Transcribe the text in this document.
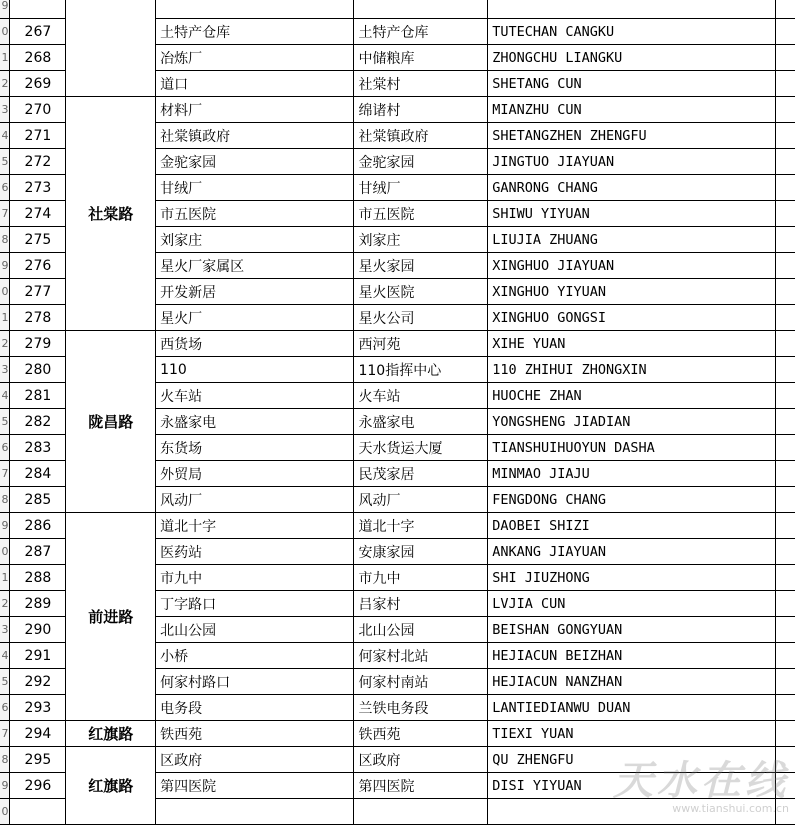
9						
0	267		土特产仓库	土特产仓库	TUTECHAN CANGKU	
1	268		冶炼厂	中储粮库	ZHONGCHU LIANGKU	
2	269		道口	社棠村	SHETANG CUN	
3	270	社棠路	材料厂	绵诸村	MIANZHU CUN	
4	271		社棠镇政府	社棠镇政府	SHETANGZHEN ZHENGFU	
5	272		金驼家园	金驼家园	JINGTUO JIAYUAN	
6	273		甘绒厂	甘绒厂	GANRONG CHANG	
7	274		市五医院	市五医院	SHIWU YIYUAN	
8	275		刘家庄	刘家庄	LIUJIA ZHUANG	
9	276		星火厂家属区	星火家园	XINGHUO JIAYUAN	
0	277		开发新居	星火医院	XINGHUO YIYUAN	
1	278		星火厂	星火公司	XINGHUO GONGSI	
2	279	陇昌路	西货场	西河苑	XIHE YUAN	
3	280		110	110指挥中心	110 ZHIHUI ZHONGXIN	
4	281		火车站	火车站	HUOCHE ZHAN	
5	282		永盛家电	永盛家电	YONGSHENG JIADIAN	
6	283		东货场	天水货运大厦	TIANSHUIHUOYUN DASHA	
7	284		外贸局	民茂家居	MINMAO JIAJU	
8	285		风动厂	风动厂	FENGDONG CHANG	
9	286	前进路	道北十字	道北十字	DAOBEI SHIZI	
0	287		医药站	安康家园	ANKANG JIAYUAN	
1	288		市九中	市九中	SHI JIUZHONG	
2	289		丁字路口	吕家村	LVJIA CUN	
3	290		北山公园	北山公园	BEISHAN GONGYUAN	
4	291		小桥	何家村北站	HEJIACUN BEIZHAN	
5	292		何家村路口	何家村南站	HEJIACUN NANZHAN	
6	293		电务段	兰铁电务段	LANTIEDIANWU DUAN	
7	294	红旗路	铁西苑	铁西苑	TIEXI YUAN	
8	295	红旗路	区政府	区政府	QU ZHENGFU	
9	296		第四医院	第四医院	DISI YIYUAN	
0						
天水在线
www.tianshui.com.cn
